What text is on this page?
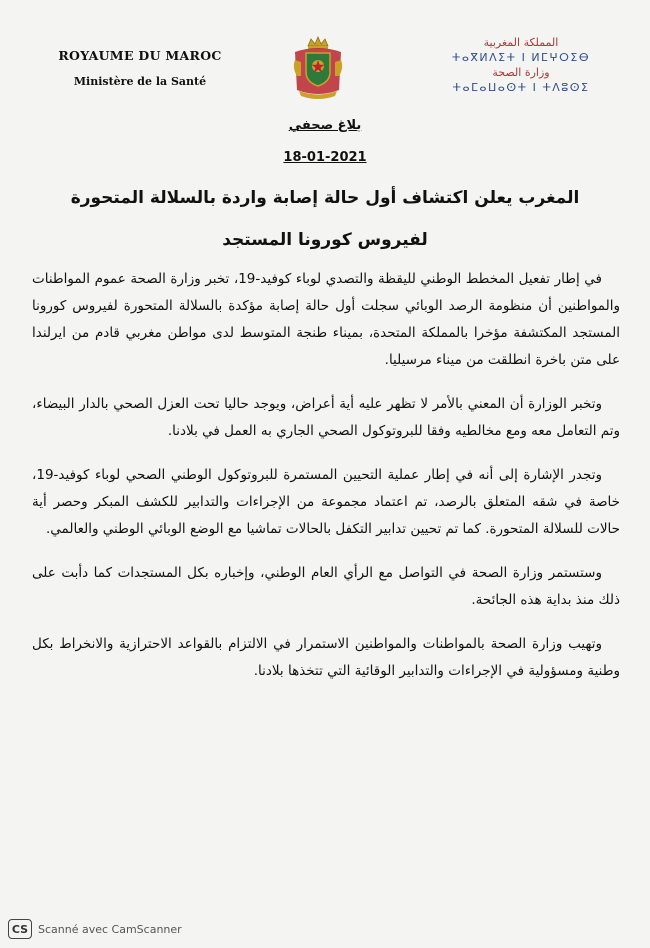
ROYAUME DU MAROC
Ministère de la Santé
المملكة المغربية
ⵜⴰⴳⵍⴷⵉⵜ ⵏ ⵍⵎⵖⵔⵉⴱ
وزارة الصحة
ⵜⴰⵎⴰⵡⴰⵙⵜ ⵏ ⵜⴷⵓⵙⵉ
بلاغ صحفي
18-01-2021
المغرب يعلن اكتشاف أول حالة إصابة واردة بالسلالة المتحورة
لفيروس كورونا المستجد

في إطار تفعيل المخطط الوطني لليقظة والتصدي لوباء كوفيد-19، تخبر وزارة الصحة عموم المواطنات والمواطنين أن منظومة الرصد الوبائي سجلت أول حالة إصابة مؤكدة بالسلالة المتحورة لفيروس كورونا المستجد المكتشفة مؤخرا بالمملكة المتحدة، بميناء طنجة المتوسط لدى مواطن مغربي قادم من ايرلندا على متن باخرة انطلقت من ميناء مرسيليا.

وتخبر الوزارة أن المعني بالأمر لا تظهر عليه أية أعراض، ويوجد حاليا تحت العزل الصحي بالدار البيضاء، وتم التعامل معه ومع مخالطيه وفقا للبروتوكول الصحي الجاري به العمل في بلادنا.

وتجدر الإشارة إلى أنه في إطار عملية التحيين المستمرة للبروتوكول الوطني الصحي لوباء كوفيد-19، خاصة في شقه المتعلق بالرصد، تم اعتماد مجموعة من الإجراءات والتدابير للكشف المبكر وحصر أية حالات للسلالة المتحورة. كما تم تحيين تدابير التكفل بالحالات تماشيا مع الوضع الوبائي الوطني والعالمي.

وستستمر وزارة الصحة في التواصل مع الرأي العام الوطني، وإخباره بكل المستجدات كما دأبت على ذلك منذ بداية هذه الجائحة.

وتهيب وزارة الصحة بالمواطنات والمواطنين الاستمرار في الالتزام بالقواعد الاحترازية والانخراط بكل وطنية ومسؤولية في الإجراءات والتدابير الوقائية التي تتخذها بلادنا.

CS Scanné avec CamScanner
